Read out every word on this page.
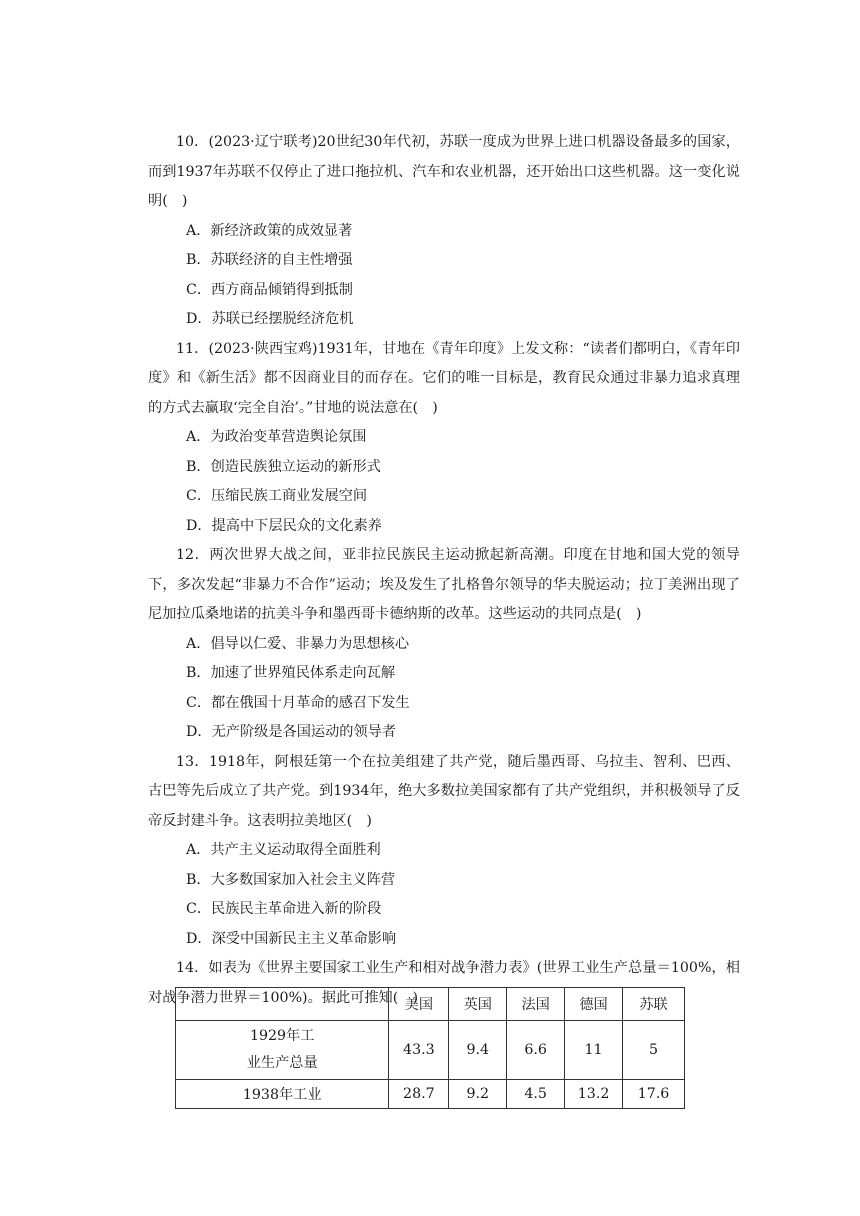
10．(2023·辽宁联考)20世纪30年代初，苏联一度成为世界上进口机器设备最多的国家，而到1937年苏联不仅停止了进口拖拉机、汽车和农业机器，还开始出口这些机器。这一变化说明(　)

A．新经济政策的成效显著

B．苏联经济的自主性增强

C．西方商品倾销得到抵制

D．苏联已经摆脱经济危机

11．(2023·陕西宝鸡)1931年，甘地在《青年印度》上发文称：“读者们都明白，《青年印度》和《新生活》都不因商业目的而存在。它们的唯一目标是，教育民众通过非暴力追求真理的方式去赢取‘完全自治’。”甘地的说法意在(　)

A．为政治变革营造舆论氛围

B．创造民族独立运动的新形式

C．压缩民族工商业发展空间

D．提高中下层民众的文化素养

12．两次世界大战之间，亚非拉民族民主运动掀起新高潮。印度在甘地和国大党的领导下，多次发起“非暴力不合作”运动；埃及发生了扎格鲁尔领导的华夫脱运动；拉丁美洲出现了尼加拉瓜桑地诺的抗美斗争和墨西哥卡德纳斯的改革。这些运动的共同点是(　)

A．倡导以仁爱、非暴力为思想核心

B．加速了世界殖民体系走向瓦解

C．都在俄国十月革命的感召下发生

D．无产阶级是各国运动的领导者

13．1918年，阿根廷第一个在拉美组建了共产党，随后墨西哥、乌拉圭、智利、巴西、古巴等先后成立了共产党。到1934年，绝大多数拉美国家都有了共产党组织，并积极领导了反帝反封建斗争。这表明拉美地区(　)

A．共产主义运动取得全面胜利

B．大多数国家加入社会主义阵营

C．民族民主革命进入新的阶段

D．深受中国新民主主义革命影响

14．如表为《世界主要国家工业生产和相对战争潜力表》(世界工业生产总量＝100%，相对战争潜力世界＝100%)。据此可推知(　)

	美国	英国	法国	德国	苏联

1929年工
业生产总量	43.3	9.4	6.6	11	5
1938年工业	28.7	9.2	4.5	13.2	17.6
